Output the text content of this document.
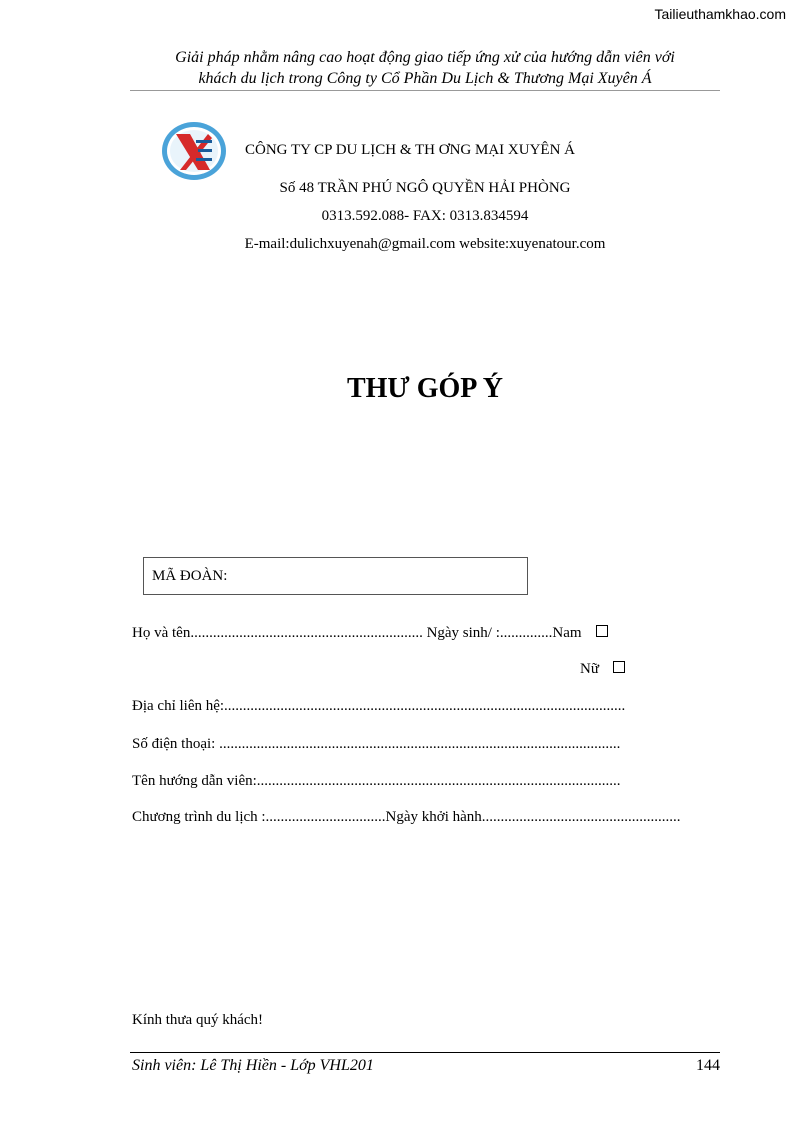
Tailieuthamkhao.com
Giải pháp nhằm nâng cao hoạt động giao tiếp ứng xử của hướng dẫn viên với
khách du lịch trong Công ty Cổ Phần Du Lịch & Thương Mại Xuyên Á
CÔNG TY CP DU LỊCH & TH ƠNG MẠI XUYÊN Á
Số 48 TRẦN PHÚ NGÔ QUYỀN HẢI PHÒNG
0313.592.088- FAX: 0313.834594
E-mail:dulichxuyenah@gmail.com website:xuyenatour.com
THƯ GÓP Ý
MÃ ĐOÀN:
Họ và tên.............................................................. Ngày sinh/ :..............Nam
Nữ
Địa chỉ liên hệ:...........................................................................................................
Số điện thoại: ...........................................................................................................
Tên hướng dẫn viên:.................................................................................................
Chương trình du lịch :................................Ngày khởi hành.....................................................
Kính thưa quý khách!
Sinh viên: Lê Thị Hiền - Lớp VHL201	144
